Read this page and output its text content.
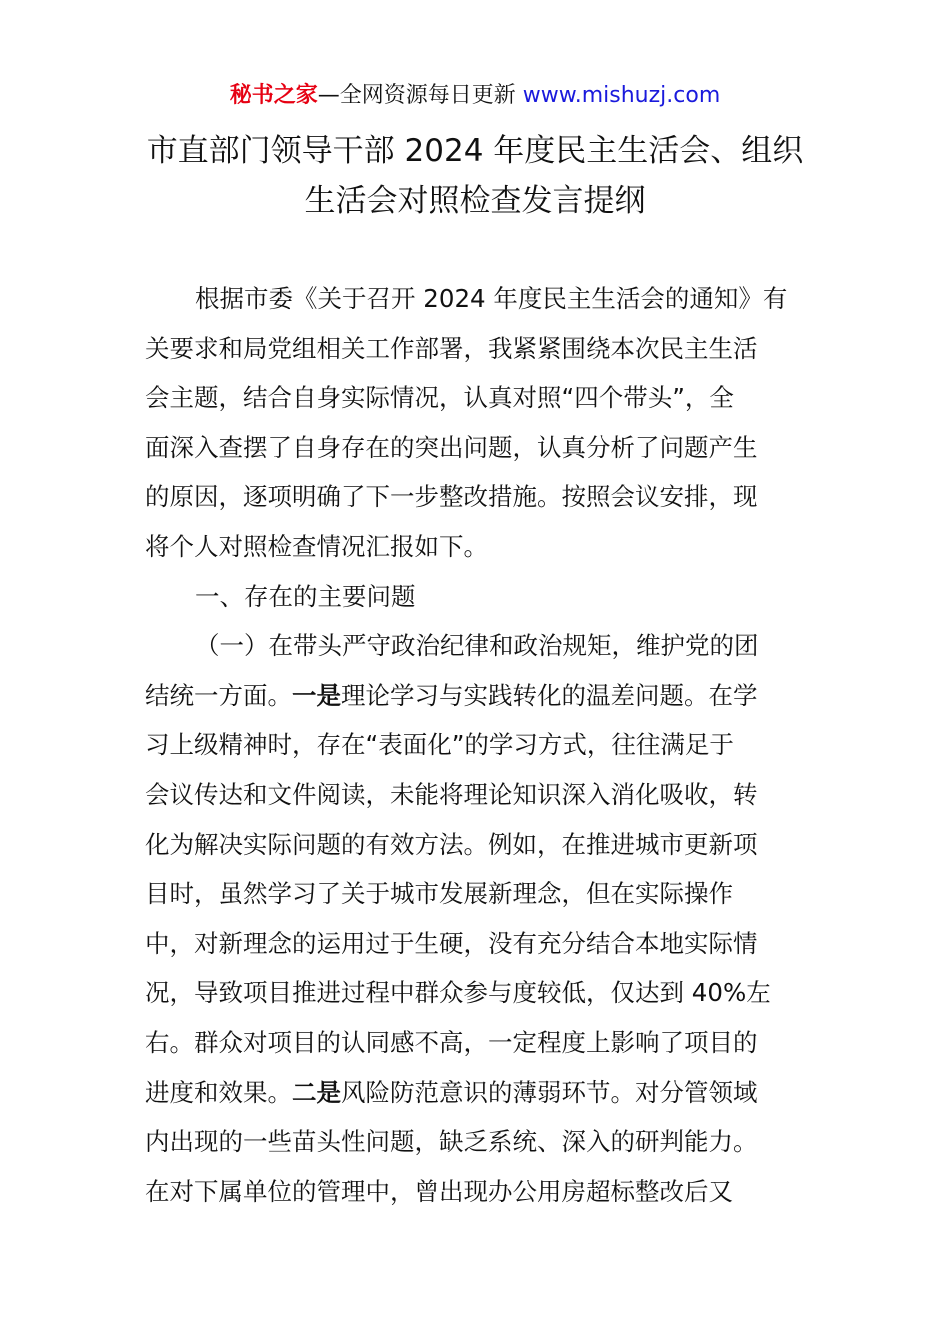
秘书之家—全网资源每日更新 www.mishuzj.com
市直部门领导干部 2024 年度民主生活会、组织
生活会对照检查发言提纲
根据市委《关于召开 2024 年度民主生活会的通知》有
关要求和局党组相关工作部署，我紧紧围绕本次民主生活
会主题，结合自身实际情况，认真对照“四个带头”，全
面深入查摆了自身存在的突出问题，认真分析了问题产生
的原因，逐项明确了下一步整改措施。按照会议安排，现
将个人对照检查情况汇报如下。
一、存在的主要问题
（一）在带头严守政治纪律和政治规矩，维护党的团
结统一方面。一是理论学习与实践转化的温差问题。在学
习上级精神时，存在“表面化”的学习方式，往往满足于
会议传达和文件阅读，未能将理论知识深入消化吸收，转
化为解决实际问题的有效方法。例如，在推进城市更新项
目时，虽然学习了关于城市发展新理念，但在实际操作
中，对新理念的运用过于生硬，没有充分结合本地实际情
况，导致项目推进过程中群众参与度较低，仅达到 40%左
右。群众对项目的认同感不高，一定程度上影响了项目的
进度和效果。二是风险防范意识的薄弱环节。对分管领域
内出现的一些苗头性问题，缺乏系统、深入的研判能力。
在对下属单位的管理中，曾出现办公用房超标整改后又
